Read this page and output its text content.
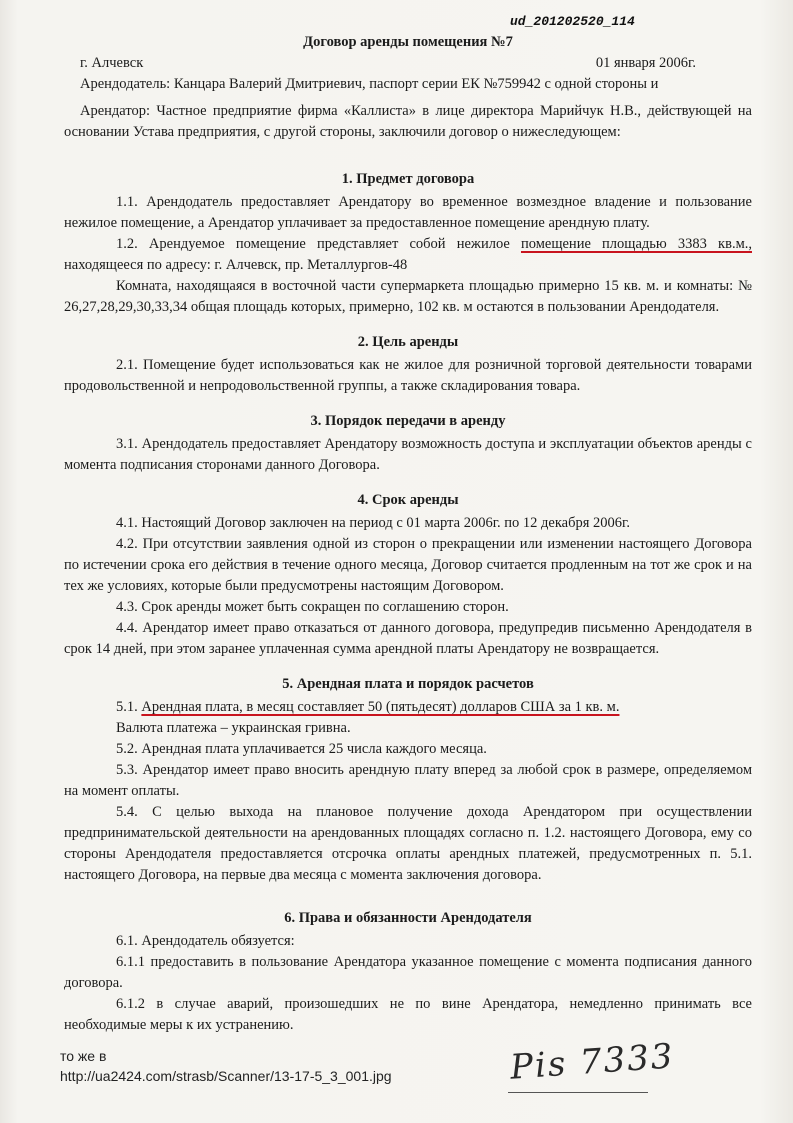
ud_201202520_114

Договор аренды помещения №7

г. Алчевск	01 января 2006г.

Арендодатель: Канцара Валерий Дмитриевич, паспорт серии ЕК №759942 с одной стороны и

Арендатор: Частное предприятие фирма «Каллиста» в лице директора Марийчук Н.В., действующей на основании Устава предприятия, с другой стороны, заключили договор о нижеследующем:

1. Предмет договора

1.1. Арендодатель предоставляет Арендатору во временное возмездное владение и пользование нежилое помещение, а Арендатор уплачивает за предоставленное помещение арендную плату.

1.2. Арендуемое помещение представляет собой нежилое помещение площадью 3383 кв.м., находящееся по адресу: г. Алчевск, пр. Металлургов-48

Комната, находящаяся в восточной части супермаркета площадью примерно 15 кв. м. и комнаты: № 26,27,28,29,30,33,34 общая площадь которых, примерно, 102 кв. м остаются в пользовании Арендодателя.

2. Цель аренды

2.1. Помещение будет использоваться как не жилое для розничной торговой деятельности товарами продовольственной и непродовольственной группы, а также складирования товара.

3. Порядок передачи в аренду

3.1. Арендодатель предоставляет Арендатору возможность доступа и эксплуатации объектов аренды с момента подписания сторонами данного Договора.

4. Срок аренды

4.1. Настоящий Договор заключен на период с 01 марта 2006г. по 12 декабря 2006г.

4.2. При отсутствии заявления одной из сторон о прекращении или изменении настоящего Договора по истечении срока его действия в течение одного месяца, Договор считается продленным на тот же срок и на тех же условиях, которые были предусмотрены настоящим Договором.

4.3. Срок аренды может быть сокращен по соглашению сторон.

4.4. Арендатор имеет право отказаться от данного договора, предупредив письменно Арендодателя в срок 14 дней, при этом заранее уплаченная сумма арендной платы Арендатору не возвращается.

5. Арендная плата и порядок расчетов

5.1. Арендная плата, в месяц составляет 50 (пятьдесят) долларов США за 1 кв. м.

Валюта платежа – украинская гривна.

5.2. Арендная плата уплачивается 25 числа каждого месяца.

5.3. Арендатор имеет право вносить арендную плату вперед за любой срок в размере, определяемом на момент оплаты.

5.4. С целью выхода на плановое получение дохода Арендатором при осуществлении предпринимательской деятельности на арендованных площадях согласно п. 1.2. настоящего Договора, ему со стороны Арендодателя предоставляется отсрочка оплаты арендных платежей, предусмотренных п. 5.1. настоящего Договора, на первые два месяца с момента заключения договора.

6. Права и обязанности Арендодателя

6.1. Арендодатель обязуется:

6.1.1 предоставить в пользование Арендатора указанное помещение с момента подписания данного договора.

6.1.2 в случае аварий, произошедших не по вине Арендатора, немедленно принимать все необходимые меры к их устранению.

то же в
http://ua2424.com/strasb/Scanner/13-17-5_3_001.jpg	Pis 7333
